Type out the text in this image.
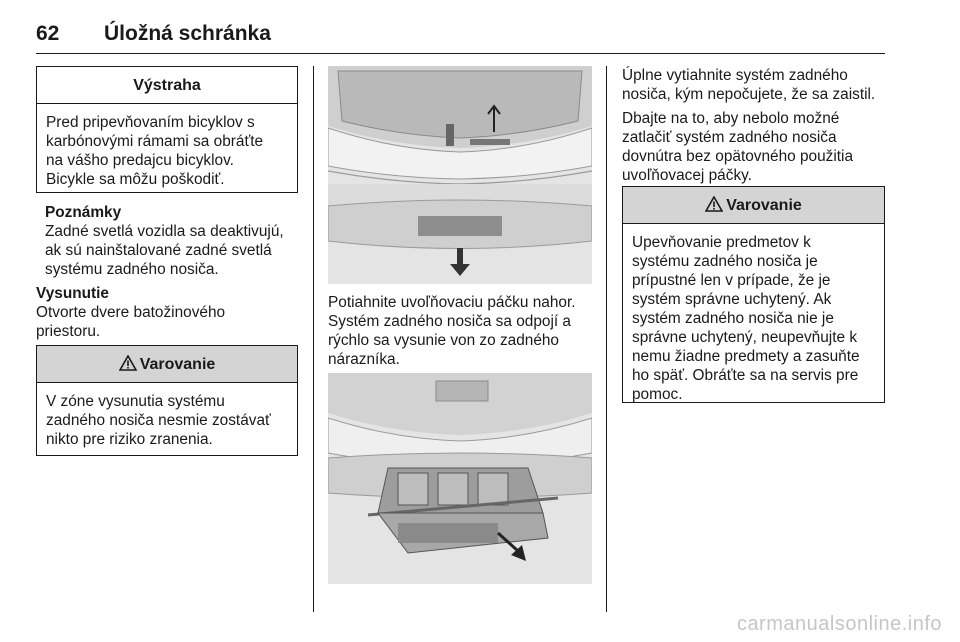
62 Úložná schránka
Výstraha
Pred pripevňovaním bicyklov s
karbónovými rámami sa obráťte
na vášho predajcu bicyklov.
Bicykle sa môžu poškodiť.
Poznámky
Zadné svetlá vozidla sa deaktivujú,
ak sú nainštalované zadné svetlá
systému zadného nosiča.
Vysunutie
Otvorte dvere batožinového
priestoru.
Varovanie
V zóne vysunutia systému
zadného nosiča nesmie zostávať
nikto pre riziko zranenia.
Potiahnite uvoľňovaciu páčku nahor.
Systém zadného nosiča sa odpojí a
rýchlo sa vysunie von zo zadného
nárazníka.
Úplne vytiahnite systém zadného
nosiča, kým nepočujete, že sa zaistil.
Dbajte na to, aby nebolo možné
zatlačiť systém zadného nosiča
dovnútra bez opätovného použitia
uvoľňovacej páčky.
Varovanie
Upevňovanie predmetov k
systému zadného nosiča je
prípustné len v prípade, že je
systém správne uchytený. Ak
systém zadného nosiča nie je
správne uchytený, neupevňujte k
nemu žiadne predmety a zasuňte
ho späť. Obráťte sa na servis pre
pomoc.
carmanualsonline.info
